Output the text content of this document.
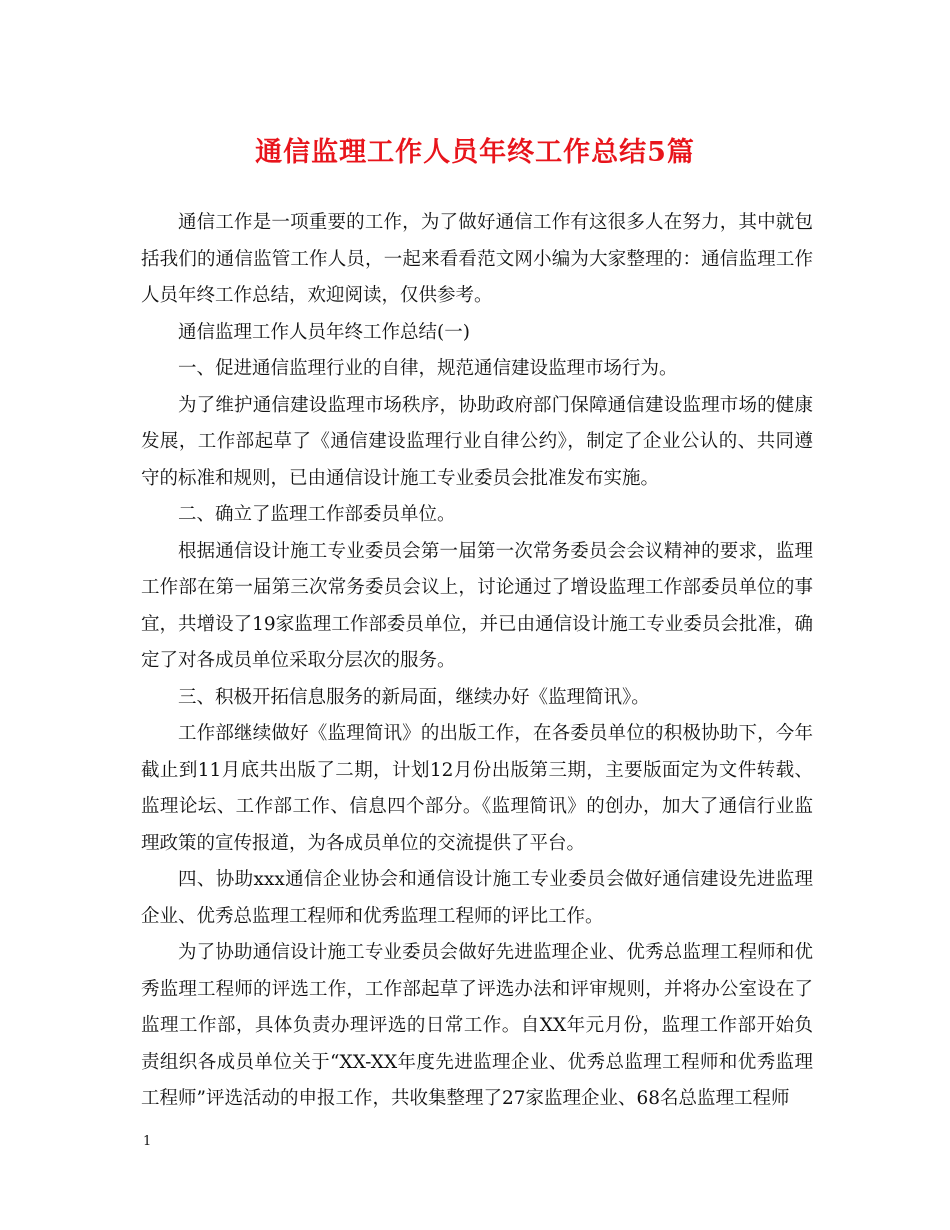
通信监理工作人员年终工作总结5篇

通信工作是一项重要的工作，为了做好通信工作有这很多人在努力，其中就包括我们的通信监管工作人员，一起来看看范文网小编为大家整理的：通信监理工作人员年终工作总结，欢迎阅读，仅供参考。

通信监理工作人员年终工作总结(一)

一、促进通信监理行业的自律，规范通信建设监理市场行为。

为了维护通信建设监理市场秩序，协助政府部门保障通信建设监理市场的健康发展，工作部起草了《通信建设监理行业自律公约》，制定了企业公认的、共同遵守的标准和规则，已由通信设计施工专业委员会批准发布实施。

二、确立了监理工作部委员单位。

根据通信设计施工专业委员会第一届第一次常务委员会会议精神的要求，监理工作部在第一届第三次常务委员会议上，讨论通过了增设监理工作部委员单位的事宜，共增设了19家监理工作部委员单位，并已由通信设计施工专业委员会批准，确定了对各成员单位采取分层次的服务。

三、积极开拓信息服务的新局面，继续办好《监理简讯》。

工作部继续做好《监理简讯》的出版工作，在各委员单位的积极协助下，今年截止到11月底共出版了二期，计划12月份出版第三期，主要版面定为文件转载、监理论坛、工作部工作、信息四个部分。《监理简讯》的创办，加大了通信行业监理政策的宣传报道，为各成员单位的交流提供了平台。

四、协助xxx通信企业协会和通信设计施工专业委员会做好通信建设先进监理企业、优秀总监理工程师和优秀监理工程师的评比工作。

为了协助通信设计施工专业委员会做好先进监理企业、优秀总监理工程师和优秀监理工程师的评选工作，工作部起草了评选办法和评审规则，并将办公室设在了监理工作部，具体负责办理评选的日常工作。自XX年元月份，监理工作部开始负责组织各成员单位关于“XX-XX年度先进监理企业、优秀总监理工程师和优秀监理工程师”评选活动的申报工作，共收集整理了27家监理企业、68名总监理工程师

1
